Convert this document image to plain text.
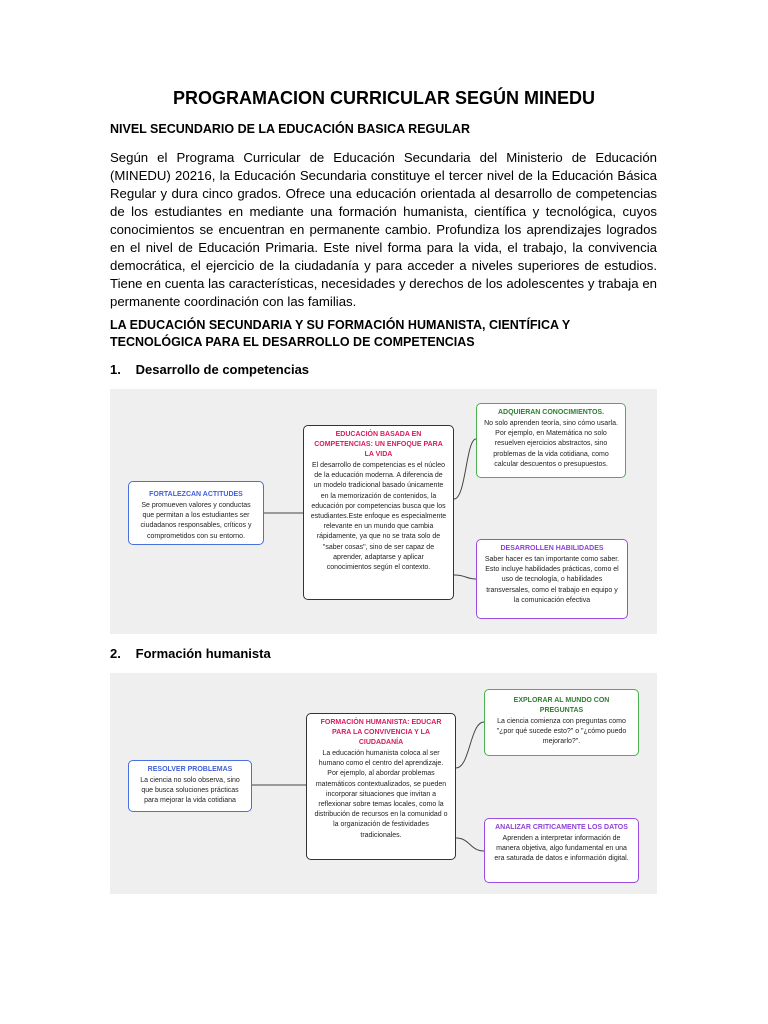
PROGRAMACION CURRICULAR SEGÚN MINEDU
NIVEL SECUNDARIO DE LA EDUCACIÓN BASICA REGULAR
Según el Programa Curricular de Educación Secundaria del Ministerio de Educación (MINEDU) 20216, la Educación Secundaria constituye el tercer nivel de la Educación Básica Regular y dura cinco grados. Ofrece una educación orientada al desarrollo de competencias de los estudiantes en mediante una formación humanista, científica y tecnológica, cuyos conocimientos se encuentran en permanente cambio. Profundiza los aprendizajes logrados en el nivel de Educación Primaria. Este nivel forma para la vida, el trabajo, la convivencia democrática, el ejercicio de la ciudadanía y para acceder a niveles superiores de estudios. Tiene en cuenta las características, necesidades y derechos de los adolescentes y trabaja en permanente coordinación con las familias.
LA EDUCACIÓN SECUNDARIA Y SU FORMACIÓN HUMANISTA, CIENTÍFICA Y TECNOLÓGICA PARA EL DESARROLLO DE COMPETENCIAS
1. Desarrollo de competencias
EDUCACIÓN BASADA EN COMPETENCIAS: UN ENFOQUE PARA LA VIDA
El desarrollo de competencias es el núcleo de la educación moderna. A diferencia de un modelo tradicional basado únicamente en la memorización de contenidos, la educación por competencias busca que los estudiantes.Este enfoque es especialmente relevante en un mundo que cambia rápidamente, ya que no se trata solo de "saber cosas", sino de ser capaz de aprender, adaptarse y aplicar conocimientos según el contexto.
FORTALEZCAN ACTITUDES
Se promueven valores y conductas que permitan a los estudiantes ser ciudadanos responsables, críticos y comprometidos con su entorno.
ADQUIERAN CONOCIMIENTOS.
No solo aprenden teoría, sino cómo usarla. Por ejemplo, en Matemática no solo resuelven ejercicios abstractos, sino problemas de la vida cotidiana, como calcular descuentos o presupuestos.
DESARROLLEN HABILIDADES
Saber hacer es tan importante como saber. Esto incluye habilidades prácticas, como el uso de tecnología, o habilidades transversales, como el trabajo en equipo y la comunicación efectiva
2. Formación humanista
FORMACIÓN HUMANISTA: EDUCAR PARA LA CONVIVENCIA Y LA CIUDADANÍA
La educación humanista coloca al ser humano como el centro del aprendizaje. Por ejemplo, al abordar problemas matemáticos contextualizados, se pueden incorporar situaciones que invitan a reflexionar sobre temas locales, como la distribución de recursos en la comunidad o la organización de festividades tradicionales.
RESOLVER PROBLEMAS
La ciencia no solo observa, sino que busca soluciones prácticas para mejorar la vida cotidiana
EXPLORAR AL MUNDO CON PREGUNTAS
La ciencia comienza con preguntas como "¿por qué sucede esto?" o "¿cómo puedo mejorarlo?".
ANALIZAR CRITICAMENTE LOS DATOS
Aprenden a interpretar información de manera objetiva, algo fundamental en una era saturada de datos e información digital.
